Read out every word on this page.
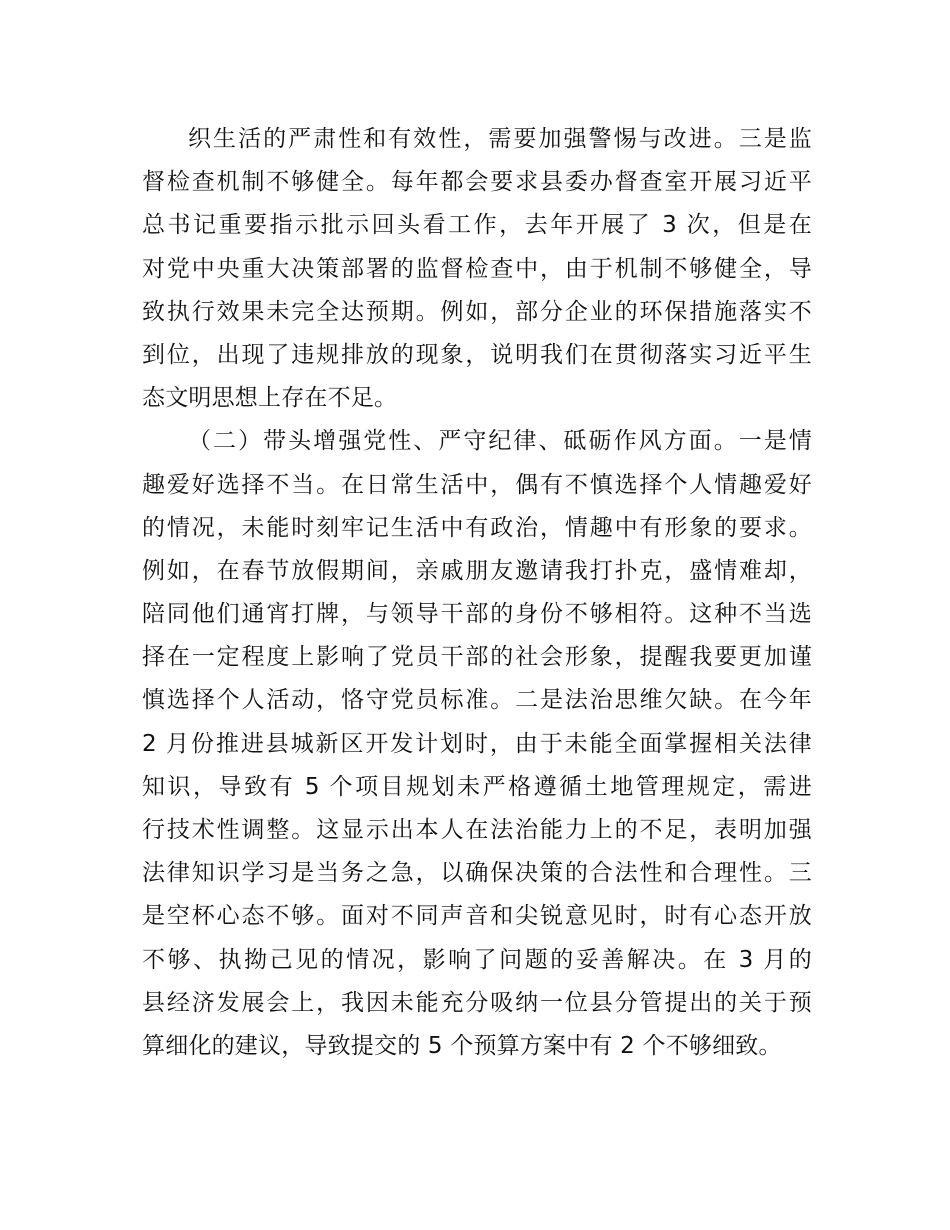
织生活的严肃性和有效性，需要加强警惕与改进。三是监
督检查机制不够健全。每年都会要求县委办督查室开展习近平
总书记重要指示批示回头看工作，去年开展了 3 次，但是在
对党中央重大决策部署的监督检查中，由于机制不够健全，导
致执行效果未完全达预期。例如，部分企业的环保措施落实不
到位，出现了违规排放的现象，说明我们在贯彻落实习近平生
态文明思想上存在不足。
（二）带头增强党性、严守纪律、砥砺作风方面。一是情
趣爱好选择不当。在日常生活中，偶有不慎选择个人情趣爱好
的情况，未能时刻牢记生活中有政治，情趣中有形象的要求。
例如，在春节放假期间，亲戚朋友邀请我打扑克，盛情难却，
陪同他们通宵打牌，与领导干部的身份不够相符。这种不当选
择在一定程度上影响了党员干部的社会形象，提醒我要更加谨
慎选择个人活动，恪守党员标准。二是法治思维欠缺。在今年
2 月份推进县城新区开发计划时，由于未能全面掌握相关法律
知识，导致有 5 个项目规划未严格遵循土地管理规定，需进
行技术性调整。这显示出本人在法治能力上的不足，表明加强
法律知识学习是当务之急，以确保决策的合法性和合理性。三
是空杯心态不够。面对不同声音和尖锐意见时，时有心态开放
不够、执拗己见的情况，影响了问题的妥善解决。在 3 月的
县经济发展会上，我因未能充分吸纳一位县分管提出的关于预
算细化的建议，导致提交的 5 个预算方案中有 2 个不够细致。
